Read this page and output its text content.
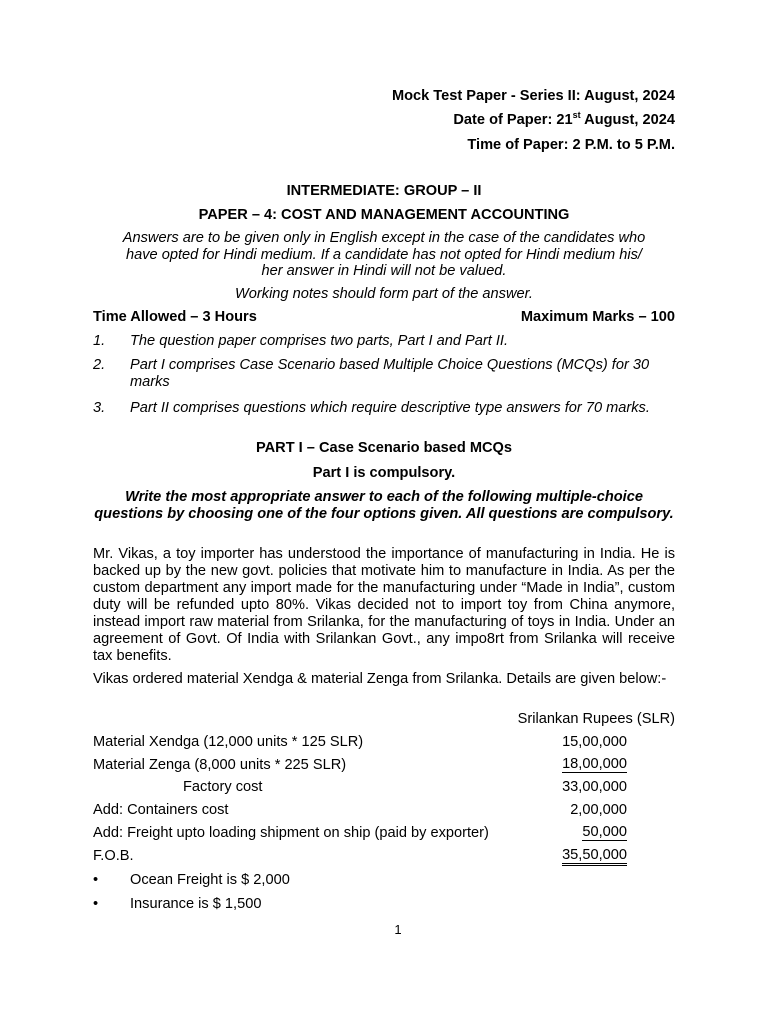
Mock Test Paper - Series II: August, 2024
Date of Paper: 21st August, 2024
Time of Paper: 2 P.M. to 5 P.M.
INTERMEDIATE: GROUP – II
PAPER – 4: COST AND MANAGEMENT ACCOUNTING
Answers are to be given only in English except in the case of the candidates who
have opted for Hindi medium. If a candidate has not opted for Hindi medium his/
her answer in Hindi will not be valued.
Working notes should form part of the answer.
Time Allowed – 3 Hours	Maximum Marks – 100
1. The question paper comprises two parts, Part I and Part II.
2. Part I comprises Case Scenario based Multiple Choice Questions (MCQs) for 30 marks
3. Part II comprises questions which require descriptive type answers for 70 marks.
PART I – Case Scenario based MCQs
Part I is compulsory.
Write the most appropriate answer to each of the following multiple-choice questions by choosing one of the four options given. All questions are compulsory.
Mr. Vikas, a toy importer has understood the importance of manufacturing in India. He is backed up by the new govt. policies that motivate him to manufacture in India. As per the custom department any import made for the manufacturing under “Made in India”, custom duty will be refunded upto 80%. Vikas decided not to import toy from China anymore, instead import raw material from Srilanka, for the manufacturing of toys in India. Under an agreement of Govt. Of India with Srilankan Govt., any impo8rt from Srilanka will receive tax benefits.
Vikas ordered material Xendga & material Zenga from Srilanka. Details are given below:-
Srilankan Rupees (SLR)
Material Xendga (12,000 units * 125 SLR)	15,00,000
Material Zenga (8,000 units * 225 SLR)	18,00,000
Factory cost	33,00,000
Add: Containers cost	2,00,000
Add: Freight upto loading shipment on ship (paid by exporter)	50,000
F.O.B.	35,50,000
• Ocean Freight is $ 2,000
• Insurance is $ 1,500
1
